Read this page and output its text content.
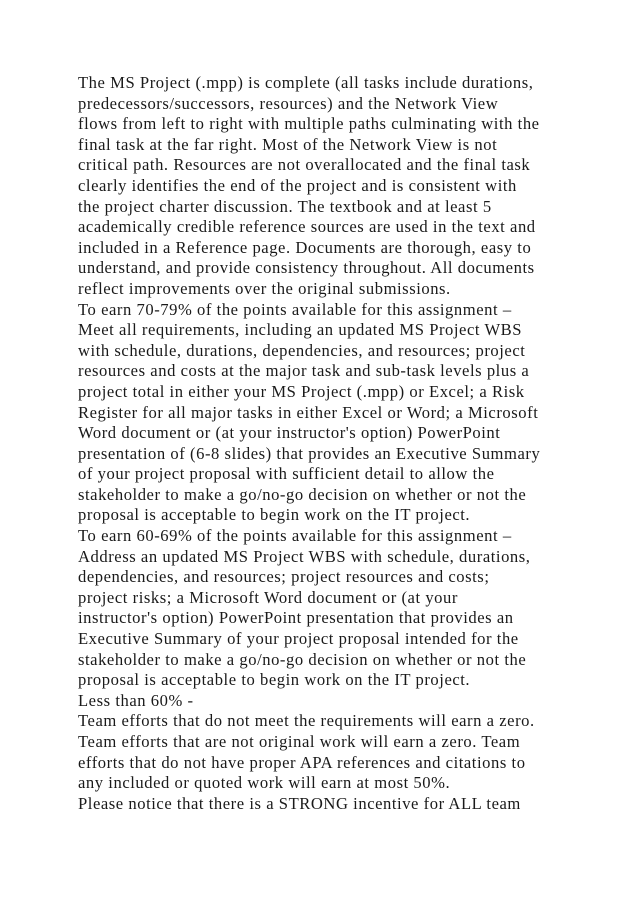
The MS Project (.mpp) is complete (all tasks include durations,
predecessors/successors, resources) and the Network View
flows from left to right with multiple paths culminating with the
final task at the far right. Most of the Network View is not
critical path. Resources are not overallocated and the final task
clearly identifies the end of the project and is consistent with
the project charter discussion. The textbook and at least 5
academically credible reference sources are used in the text and
included in a Reference page. Documents are thorough, easy to
understand, and provide consistency throughout. All documents
reflect improvements over the original submissions.
To earn 70-79% of the points available for this assignment –
Meet all requirements, including an updated MS Project WBS
with schedule, durations, dependencies, and resources; project
resources and costs at the major task and sub-task levels plus a
project total in either your MS Project (.mpp) or Excel; a Risk
Register for all major tasks in either Excel or Word; a Microsoft
Word document or (at your instructor's option) PowerPoint
presentation of (6-8 slides) that provides an Executive Summary
of your project proposal with sufficient detail to allow the
stakeholder to make a go/no-go decision on whether or not the
proposal is acceptable to begin work on the IT project.
To earn 60-69% of the points available for this assignment –
Address an updated MS Project WBS with schedule, durations,
dependencies, and resources; project resources and costs;
project risks; a Microsoft Word document or (at your
instructor's option) PowerPoint presentation that provides an
Executive Summary of your project proposal intended for the
stakeholder to make a go/no-go decision on whether or not the
proposal is acceptable to begin work on the IT project.
Less than 60% -
Team efforts that do not meet the requirements will earn a zero.
Team efforts that are not original work will earn a zero. Team
efforts that do not have proper APA references and citations to
any included or quoted work will earn at most 50%.
Please notice that there is a STRONG incentive for ALL team
